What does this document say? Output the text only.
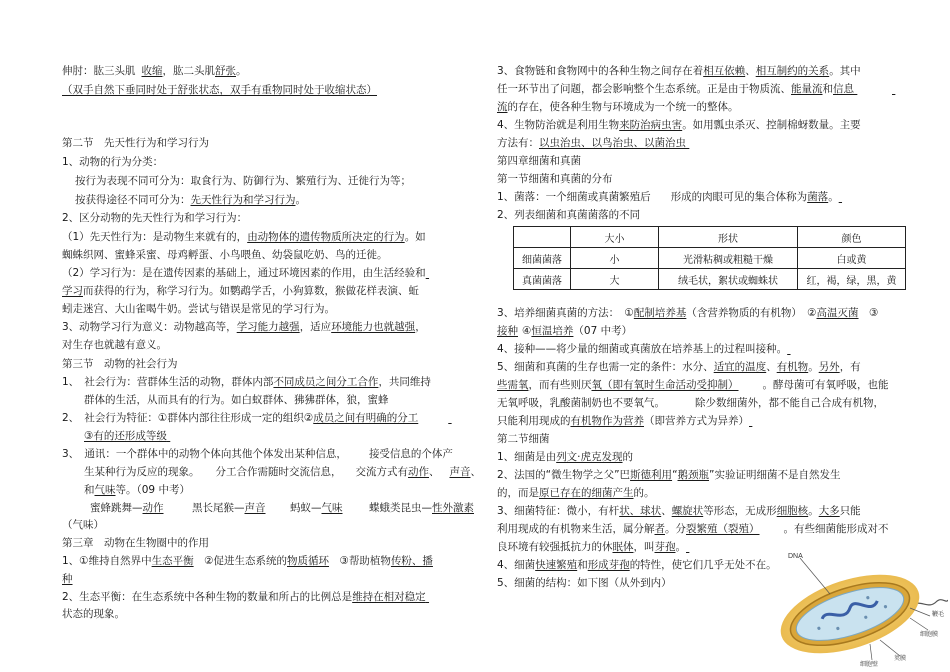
伸肘：肱三头肌 收缩，肱二头肌舒张。
（双手自然下垂同时处于舒张状态，双手有重物同时处于收缩状态）
第二节　先天性行为和学习行为
1、动物的行为分类：
按行为表现不同可分为：取食行为、防御行为、繁殖行为、迁徙行为等；
按获得途径不同可分为：先天性行为和学习行为。
2、区分动物的先天性行为和学习行为：
（1）先天性行为：是动物生来就有的，由动物体的遗传物质所决定的行为。如
蜘蛛织网、蜜蜂采蜜、母鸡孵蛋、小鸟喂鱼、幼袋鼠吃奶、鸟的迁徙。
（2）学习行为：是在遗传因素的基础上，通过环境因素的作用，由生活经验和
学习而获得的行为，称学习行为。如鹦鹉学舌，小狗算数，猴做花样表演、蚯
蚓走迷宫、大山雀喝牛奶。尝试与错误是常见的学习行为。
3、动物学习行为意义：动物越高等，学习能力越强，适应环境能力也就越强，
对生存也就越有意义。
第三节　动物的社会行为
1、　社会行为：营群体生活的动物，群体内部不同成员之间分工合作，共同维持
群体的生活，从而具有的行为。如白蚁群体、狒狒群体，狼，蜜蜂
2、　社会行为特征：①群体内部往往形成一定的组织②成员之间有明确的分工
③有的还形成等级
3、　通讯：一个群体中的动物个体向其他个体发出某种信息， 接受信息的个体产
生某种行为反应的现象。 分工合作需随时交流信息， 交流方式有动作、 声音、
和气味等。（09 中考）
蜜蜂跳舞—动作　黑长尾猴—声音　蚂蚁—气味　蝶蛾类昆虫—性外激素
（气味）
第三章　动物在生物圈中的作用
1、①维持自然界中生态平衡　②促进生态系统的物质循环　③帮助植物传粉、播
种
2、生态平衡：在生态系统中各种生物的数量和所占的比例总是维持在相对稳定
状态的现象。
3、食物链和食物网中的各种生物之间存在着相互依赖、相互制约的关系。其中
任一环节出了问题，都会影响整个生态系统。正是由于物质流、能量流和信息
流的存在，使各种生物与环境成为一个统一的整体。
4、生物防治就是利用生物来防治病虫害。如用瓢虫杀灭、控制棉蚜数量。主要
方法有：以虫治虫、以鸟治虫、以菌治虫
第四章细菌和真菌
第一节细菌和真菌的分布
1、菌落：一个细菌或真菌繁殖后 形成的肉眼可见的集合体称为菌落。
2、列表细菌和真菌菌落的不同
	大小	形状	颜色
细菌菌落	小	光滑粘稠或粗糙干燥	白或黄
真菌菌落	大	绒毛状，絮状或蜘蛛状	红，褐，绿，黑，黄
3、培养细菌真菌的方法：　①配制培养基（含营养物质的有机物）　②高温灭菌　③
接种 ④恒温培养（07 中考）
4、接种——将少量的细菌或真菌放在培养基上的过程叫接种。
5、细菌和真菌的生存也需一定的条件：水分、适宜的温度、有机物。另外，有
些需氧，而有些则厌氧（即有氧时生命活动受抑制） 。酵母菌可有氧呼吸，也能
无氧呼吸，乳酸菌制奶也不要氧气。	除少数细菌外，都不能自己合成有机物，
只能利用现成的有机物作为营养（即营养方式为异养）
第二节细菌
1、细菌是由列文·虎克发现的
2、法国的“微生物学之父”巴斯德利用“鹅颈瓶”实验证明细菌不是自然发生
的，而是原已存在的细菌产生的。
3、细菌特征：微小，有杆状、球状、螺旋状等形态，无成形细胞核。大多只能
利用现成的有机物来生活，属分解者。分裂繁殖（裂殖） 。有些细菌能形成对不
良环境有较强抵抗力的休眠体，叫芽孢。
4、细菌快速繁殖和形成芽孢的特性，使它们几乎无处不在。
5、细菌的结构：如下图（从外到内）
DNA
鞭毛
细胞膜
荚膜
细胞壁
